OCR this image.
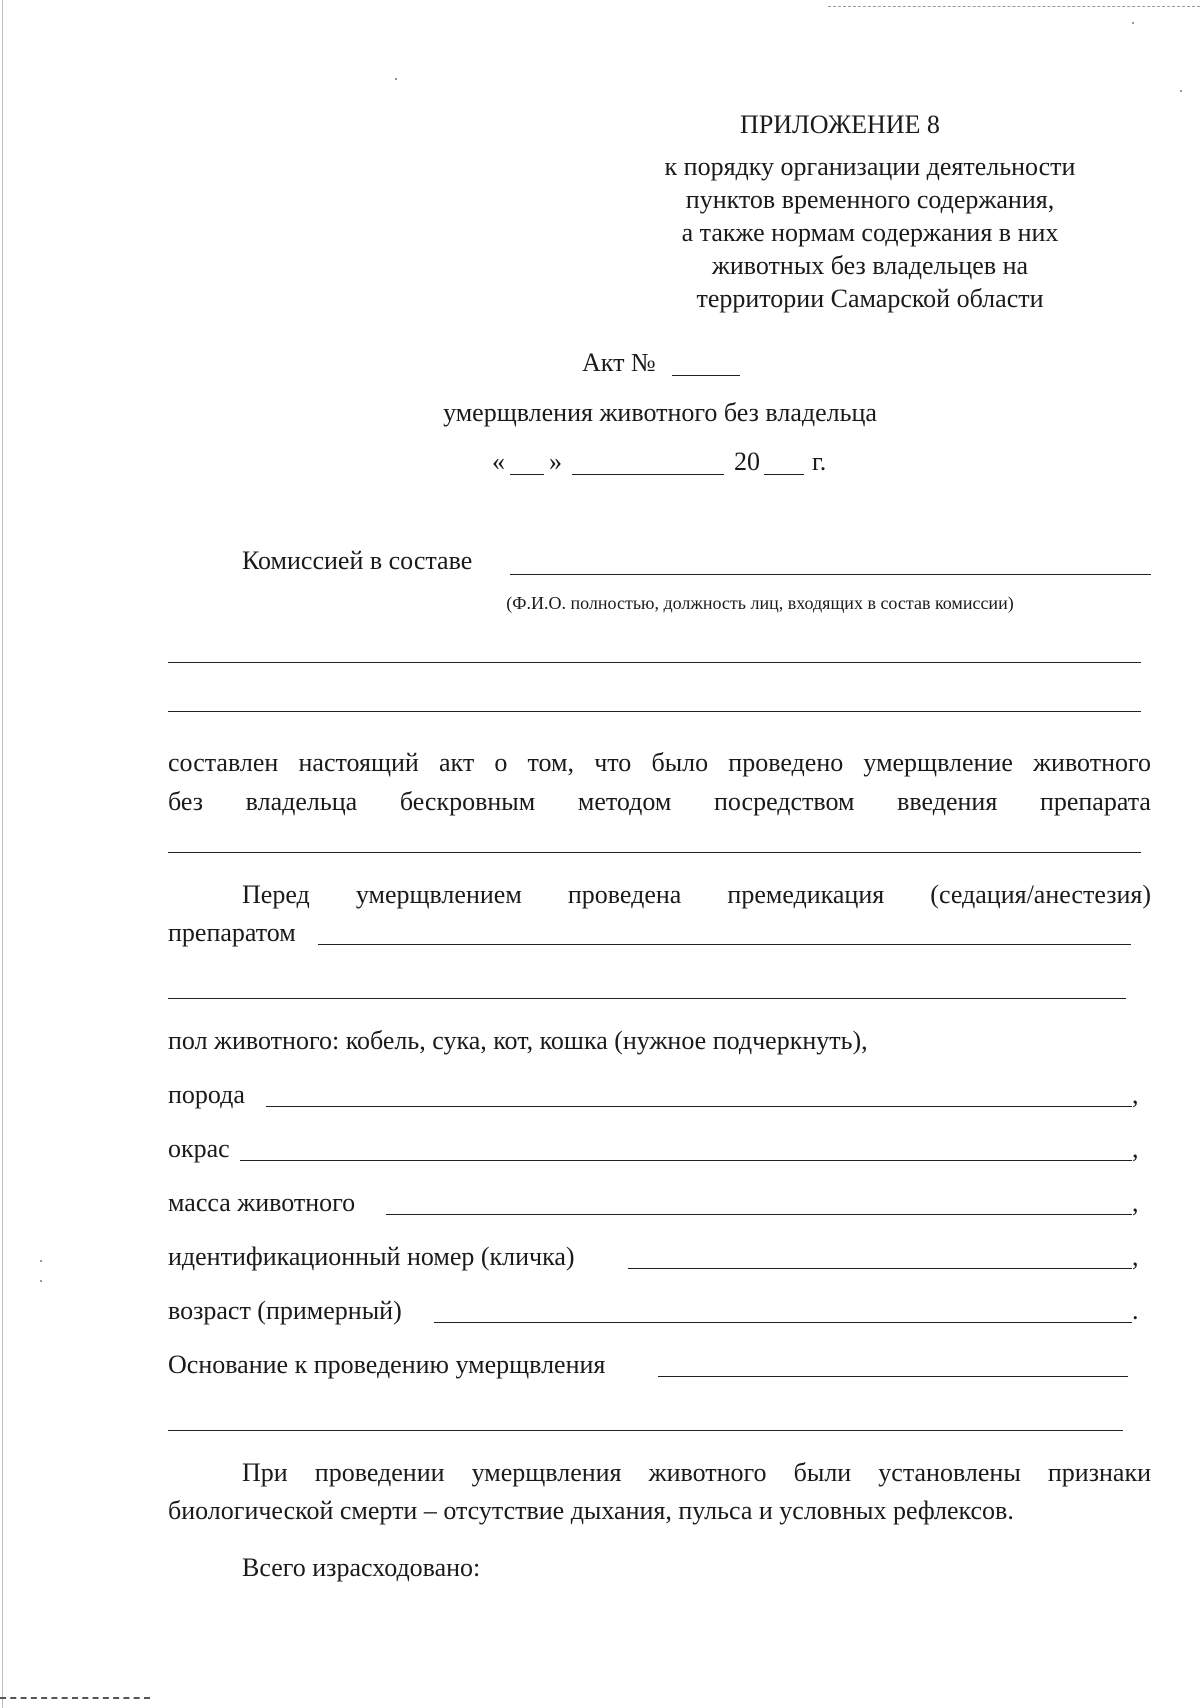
ПРИЛОЖЕНИЕ 8
к порядку организации деятельности
пунктов временного содержания,
а также нормам содержания в них
животных без владельцев на
территории Самарской области
Акт №
умерщвления животного без владельца
« »	20 г.
Комиссией в составе
(Ф.И.О. полностью, должность лиц, входящих в состав комиссии)
составлен настоящий акт о том, что было проведено умерщвление животного
без владельца бескровным методом посредством введения препарата
Перед умерщвлением проведена премедикация (седация/анестезия)
препаратом
пол животного: кобель, сука, кот, кошка (нужное подчеркнуть),
порода	,
окрас	,
масса животного	,
идентификационный номер (кличка)	,
возраст (примерный)	.
Основание к проведению умерщвления
При проведении умерщвления животного были установлены признаки
биологической смерти – отсутствие дыхания, пульса и условных рефлексов.
Всего израсходовано:
